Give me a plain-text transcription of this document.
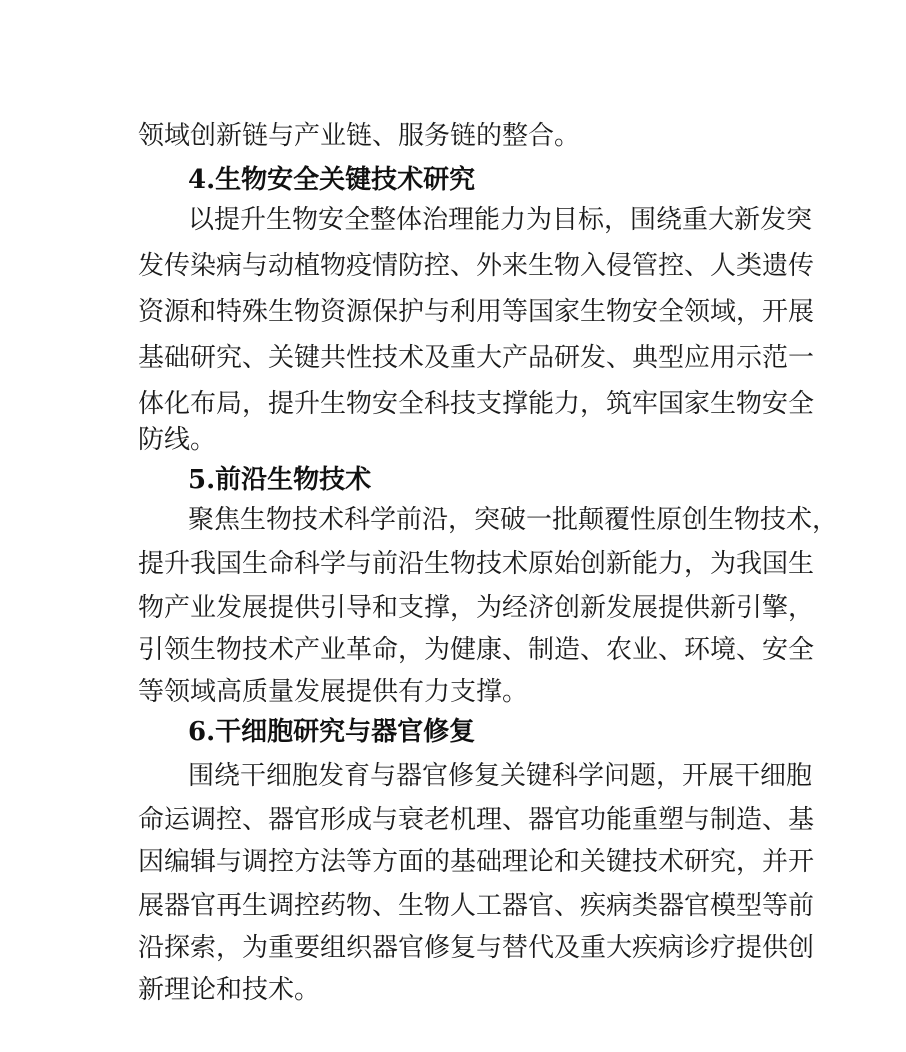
领域创新链与产业链、服务链的整合。
4.生物安全关键技术研究
以提升生物安全整体治理能力为目标，围绕重大新发突
发传染病与动植物疫情防控、外来生物入侵管控、人类遗传
资源和特殊生物资源保护与利用等国家生物安全领域，开展
基础研究、关键共性技术及重大产品研发、典型应用示范一
体化布局，提升生物安全科技支撑能力，筑牢国家生物安全
防线。
5.前沿生物技术
聚焦生物技术科学前沿，突破一批颠覆性原创生物技术，
提升我国生命科学与前沿生物技术原始创新能力，为我国生
物产业发展提供引导和支撑，为经济创新发展提供新引擎，
引领生物技术产业革命，为健康、制造、农业、环境、安全
等领域高质量发展提供有力支撑。
6.干细胞研究与器官修复
围绕干细胞发育与器官修复关键科学问题，开展干细胞
命运调控、器官形成与衰老机理、器官功能重塑与制造、基
因编辑与调控方法等方面的基础理论和关键技术研究，并开
展器官再生调控药物、生物人工器官、疾病类器官模型等前
沿探索，为重要组织器官修复与替代及重大疾病诊疗提供创
新理论和技术。
